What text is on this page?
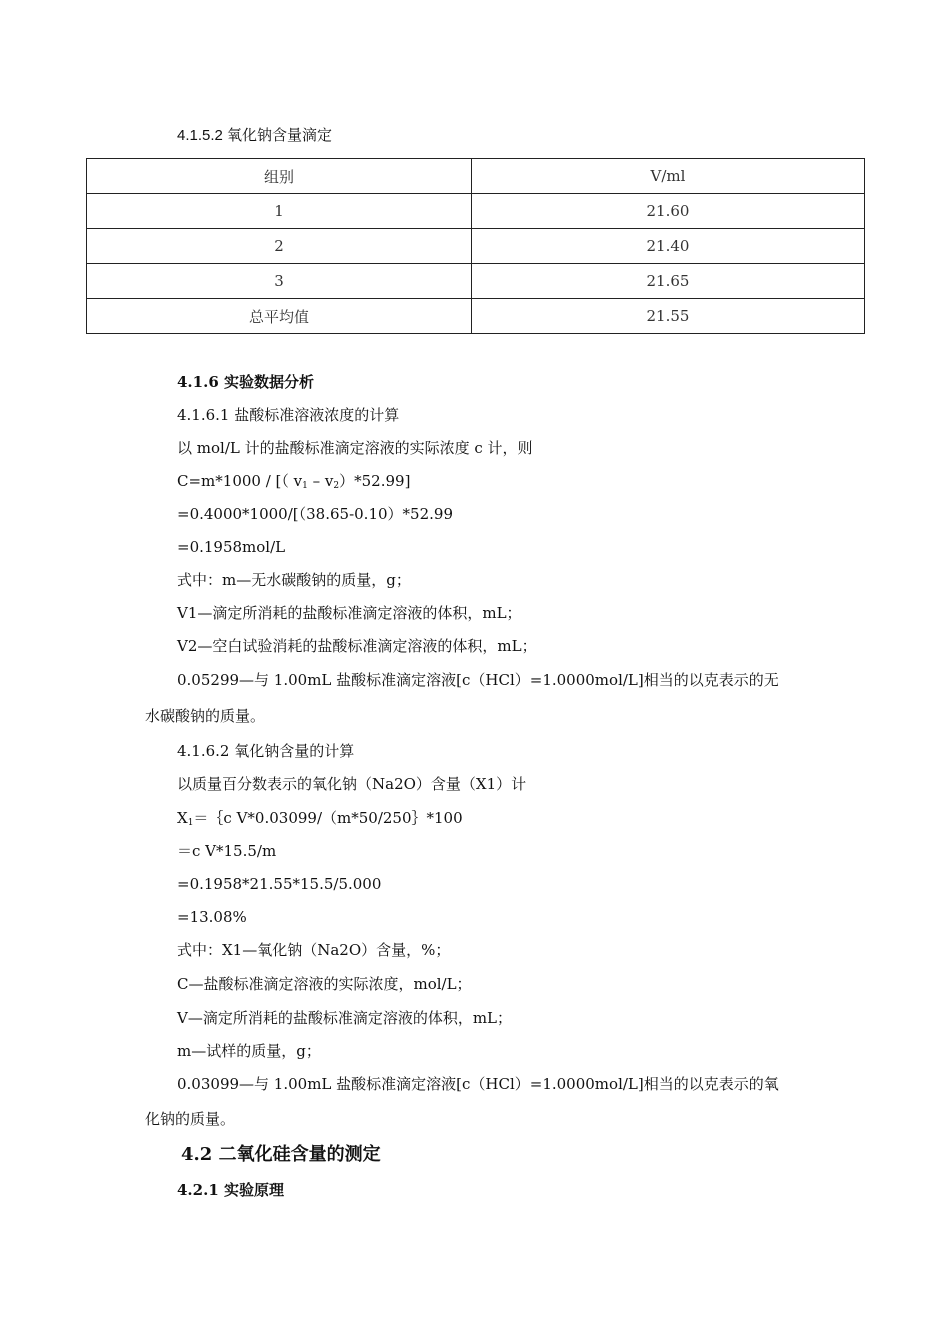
4.1.5.2 氧化钠含量滴定
组别	V/ml
1	21.60
2	21.40
3	21.65
总平均值	21.55
4.1.6 实验数据分析
4.1.6.1 盐酸标准溶液浓度的计算
以 mol/L 计的盐酸标准滴定溶液的实际浓度 c 计，则
C=m*1000 / [（ $v_1 - v_2)*52.99$]
=0.4000*1000/[（38.65-0.10）*52.99
=0.1958mol/L
式中：m—无水碳酸钠的质量，g；
V1—滴定所消耗的盐酸标准滴定溶液的体积，mL；
V2—空白试验消耗的盐酸标准滴定溶液的体积，mL；
0.05299—与 1.00mL 盐酸标准滴定溶液[c（HCl）=1.0000mol/L]相当的以克表示的无
水碳酸钠的质量。
4.1.6.2 氧化钠含量的计算
以质量百分数表示的氧化钠（Na2O）含量（X1）计
$X_1=\{c$ V*0.03099/（m*50/250｝*100
＝c V*15.5/m
=0.1958*21.55*15.5/5.000
=13.08%
式中：X1—氧化钠（Na2O）含量，%；
C—盐酸标准滴定溶液的实际浓度，mol/L；
V—滴定所消耗的盐酸标准滴定溶液的体积，mL；
m—试样的质量，g；
0.03099—与 1.00mL 盐酸标准滴定溶液[c（HCl）=1.0000mol/L]相当的以克表示的氧
化钠的质量。
4.2 二氧化硅含量的测定
4.2.1 实验原理
